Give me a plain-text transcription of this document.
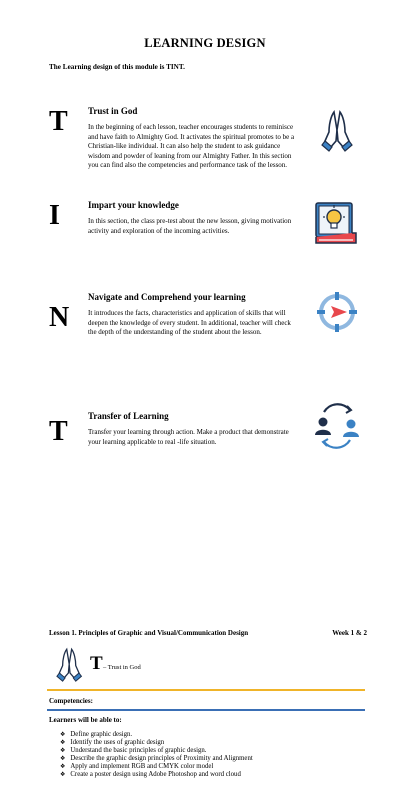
LEARNING DESIGN
The Learning design of this module is TINT.
T Trust in God
In the beginning of each lesson, teacher encourages students to reminisce and have faith to Almighty God. It activates the spiritual promotes to be a Christian-like individual. It can also help the student to ask guidance wisdom and powder of leaning from our Almighty Father. In this section you can find also the competencies and performance task of the lesson.
I	Impart your knowledge
In this section, the class pre-test about the new lesson, giving motivation activity and exploration of the incoming activities.
N
Navigate and Comprehend your learning
It introduces the facts, characteristics and application of skills that will deepen the knowledge of every student. In additional, teacher will check the depth of the understanding of the student about the lesson.
T Transfer of Learning
Transfer your learning through action. Make a product that demonstrate your learning applicable to real -life situation.
Lesson 1. Principles of Graphic and Visual/Communication Design	Week 1 & 2
T – Trust in God
Competencies:
Learners will be able to:
❖ Define graphic design.
❖ Identify the uses of graphic design
❖ Understand the basic principles of graphic design.
❖ Describe the graphic design principles of Proximity and Alignment
❖ Apply and implement RGB and CMYK color model
❖ Create a poster design using Adobe Photoshop and word cloud
